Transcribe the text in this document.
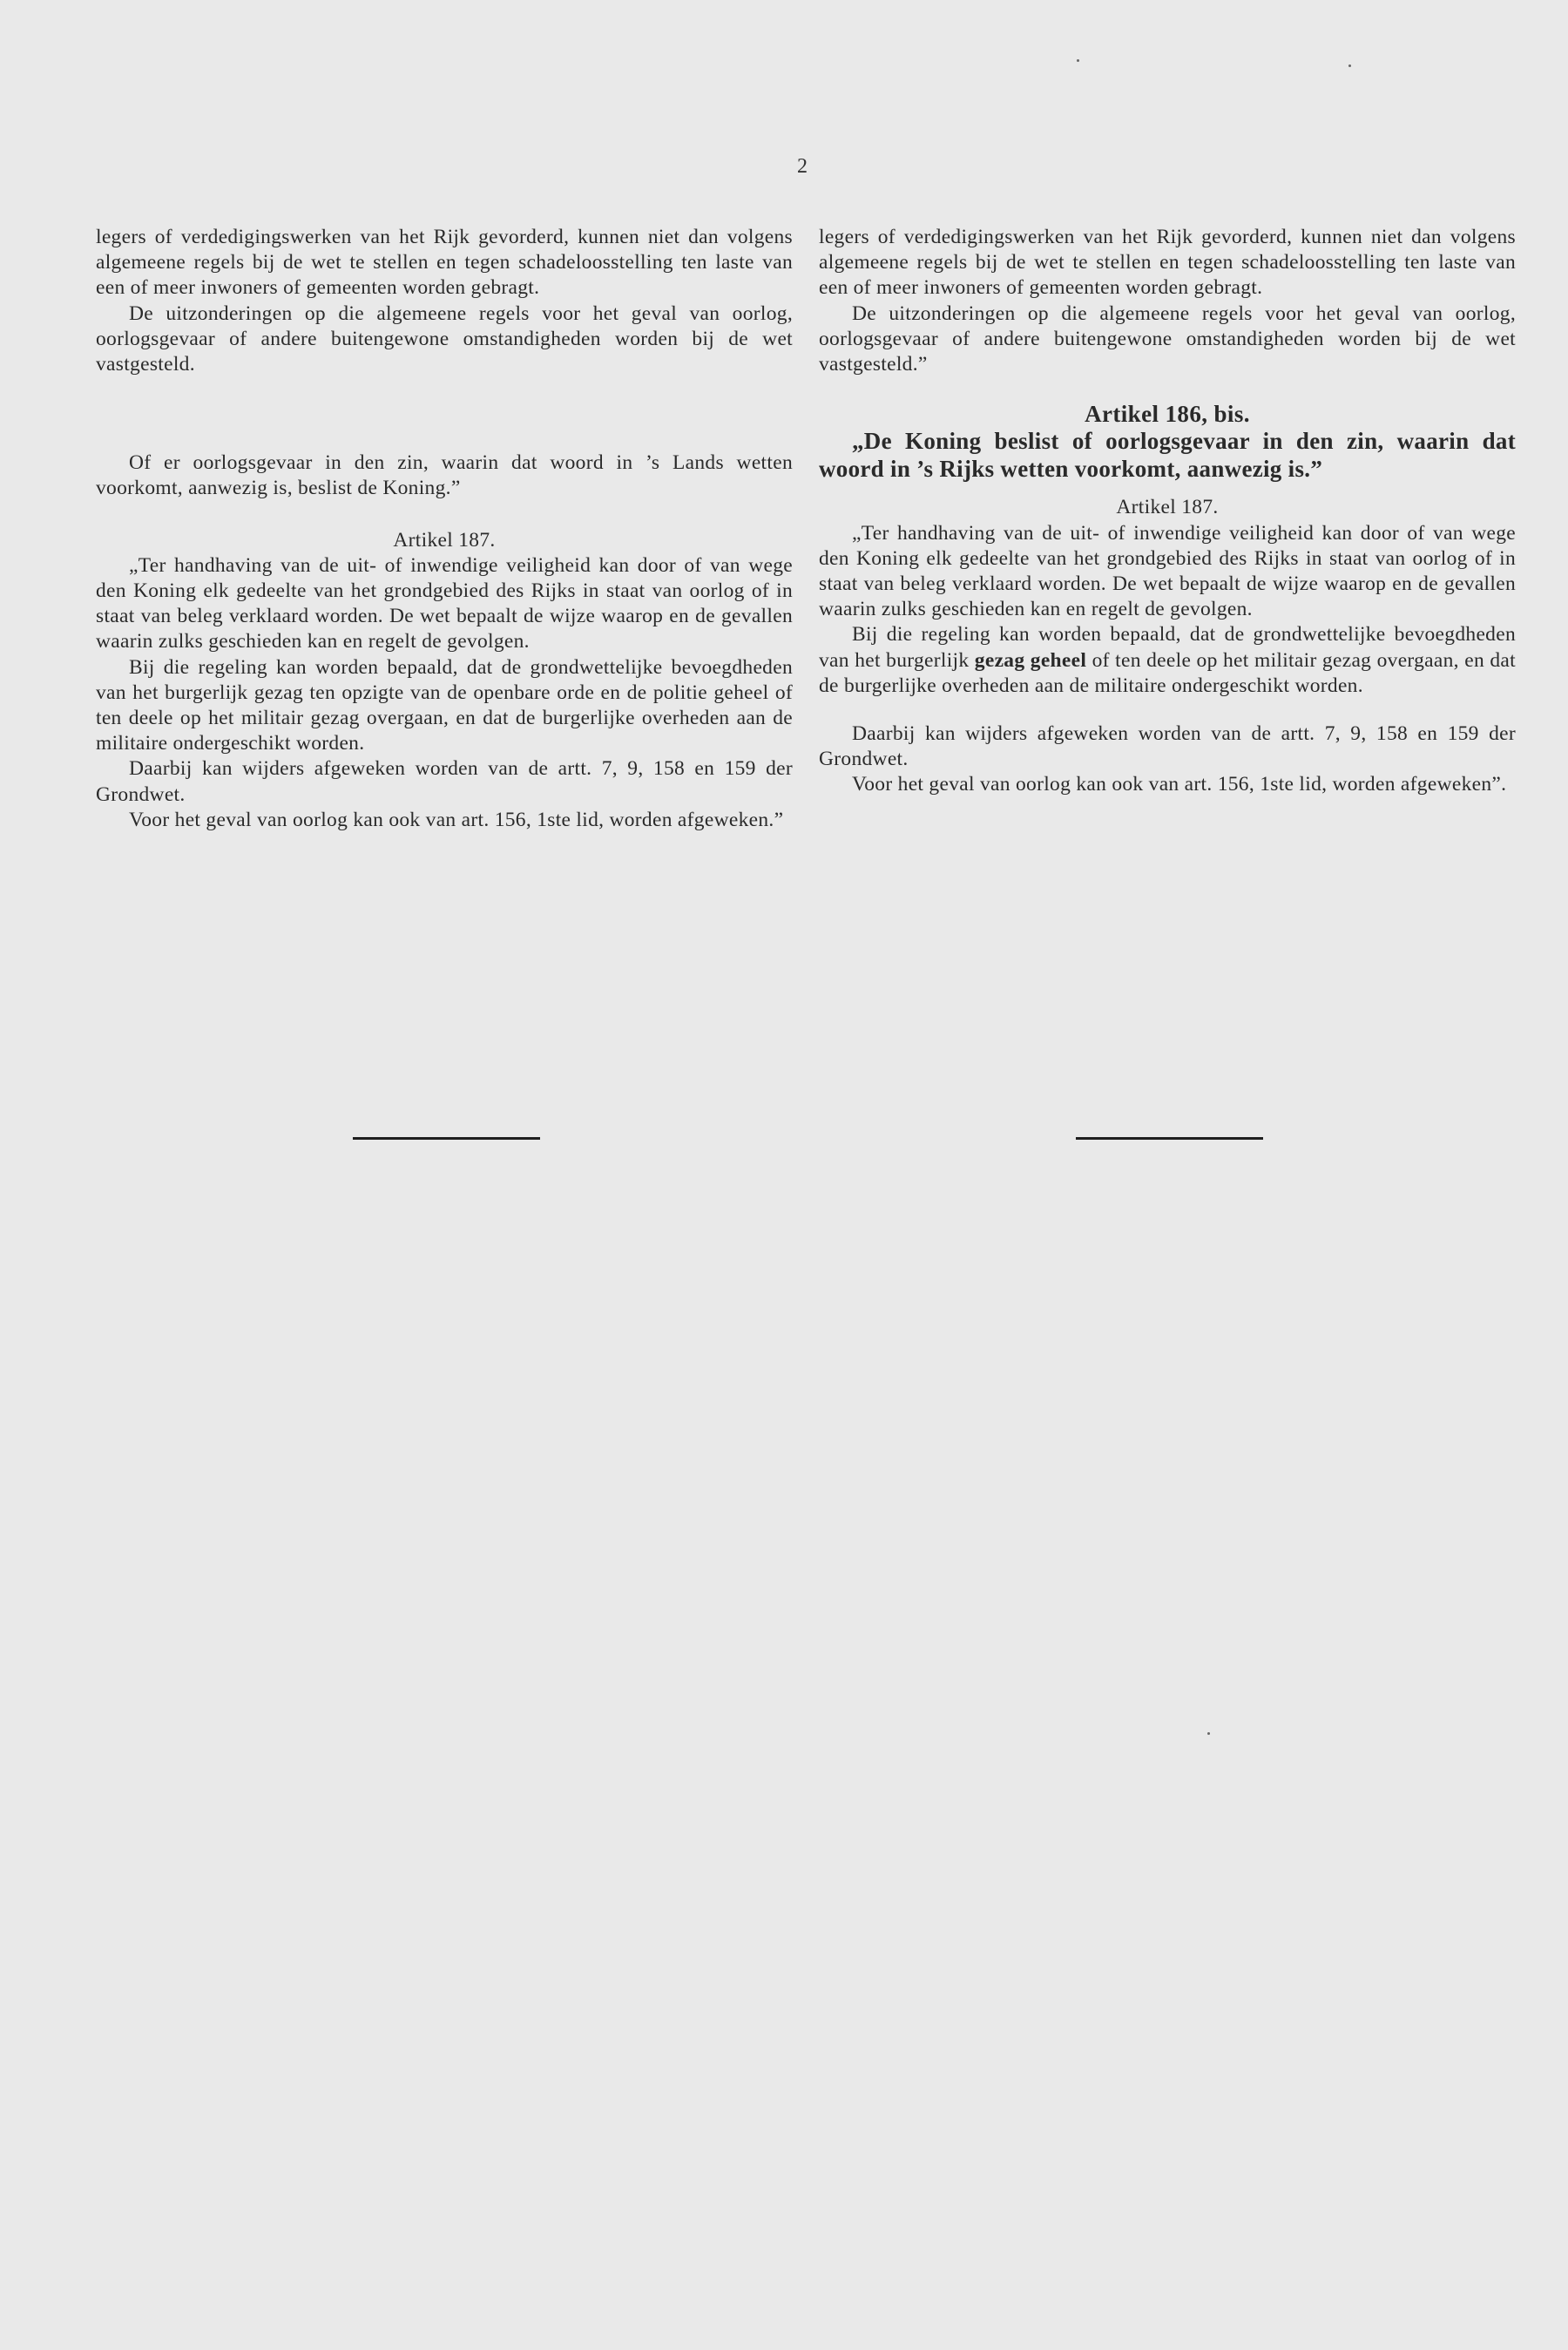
2

legers of verdedigingswerken van het Rijk gevorderd, kunnen niet dan volgens algemeene regels bij de wet te stellen en tegen schadeloosstelling ten laste van een of meer inwoners of gemeenten worden gebragt.

De uitzonderingen op die algemeene regels voor het geval van oorlog, oorlogsgevaar of andere buitengewone omstandigheden worden bij de wet vastgesteld.

Of er oorlogsgevaar in den zin, waarin dat woord in ’s Lands wetten voorkomt, aanwezig is, beslist de Koning.”

Artikel 187.

„Ter handhaving van de uit- of inwendige veiligheid kan door of van wege den Koning elk gedeelte van het grondgebied des Rijks in staat van oorlog of in staat van beleg verklaard worden. De wet bepaalt de wijze waarop en de gevallen waarin zulks geschieden kan en regelt de gevolgen.

Bij die regeling kan worden bepaald, dat de grondwettelijke bevoegdheden van het burgerlijk gezag ten opzigte van de openbare orde en de politie geheel of ten deele op het militair gezag overgaan, en dat de burgerlijke overheden aan de militaire ondergeschikt worden.

Daarbij kan wijders afgeweken worden van de artt. 7, 9, 158 en 159 der Grondwet.

Voor het geval van oorlog kan ook van art. 156, 1ste lid, worden afgeweken.”

legers of verdedigingswerken van het Rijk gevorderd, kunnen niet dan volgens algemeene regels bij de wet te stellen en tegen schadeloosstelling ten laste van een of meer inwoners of gemeenten worden gebragt.

De uitzonderingen op die algemeene regels voor het geval van oorlog, oorlogsgevaar of andere buitengewone omstandigheden worden bij de wet vastgesteld.”

Artikel 186, bis.

„De Koning beslist of oorlogsgevaar in den zin, waarin dat woord in ’s Rijks wetten voorkomt, aanwezig is.”

Artikel 187.

„Ter handhaving van de uit- of inwendige veiligheid kan door of van wege den Koning elk gedeelte van het grondgebied des Rijks in staat van oorlog of in staat van beleg verklaard worden. De wet bepaalt de wijze waarop en de gevallen waarin zulks geschieden kan en regelt de gevolgen.

Bij die regeling kan worden bepaald, dat de grondwettelijke bevoegdheden van het burgerlijk gezag geheel of ten deele op het militair gezag overgaan, en dat de burgerlijke overheden aan de militaire ondergeschikt worden.

Daarbij kan wijders afgeweken worden van de artt. 7, 9, 158 en 159 der Grondwet.

Voor het geval van oorlog kan ook van art. 156, 1ste lid, worden afgeweken”.
